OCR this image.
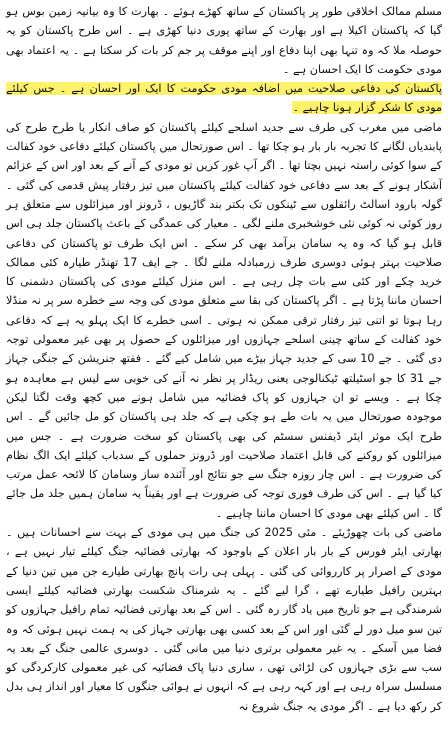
مسلم ممالک اخلاقی طور پر پاکستان کے ساتھ کھڑے ہوئے ۔ بھارت کا وہ بیانیہ زمین بوس ہو گیا کہ پاکستان اکیلا ہے اور بھارت کے ساتھ پوری دنیا کھڑی ہے ۔ اس طرح پاکستان کو یہ حوصلہ ملا کہ وہ تنہا بھی اپنا دفاع اور اپنے موقف پر جم کر بات کر سکتا ہے ۔ یہ اعتماد بھی مودی حکومت کا ایک احسان ہے ۔

پاکستان کی دفاعی صلاحیت میں اضافہ مودی حکومت کا ایک اور احسان ہے ۔ جس کیلئے مودی کا شکر گزار ہونا چاہیے ۔

ماضی میں مغرب کی طرف سے جدید اسلحے کیلئے پاکستان کو صاف انکار یا طرح طرح کی پابندیاں لگانے کا تجربہ بار بار ہو چکا تھا ۔ اس صورتحال میں پاکستان کیلئے دفاعی خود کفالت کے سوا کوئی راستہ نہیں بچتا تھا ۔ اگر آپ غور کریں تو مودی کے آنے کے بعد اور اس کے عزائم آشکار ہونے کے بعد سے دفاعی خود کفالت کیلئے پاکستان میں تیز رفتار پیش قدمی کی گئی ۔ گولہ بارود اسالٹ رائفلوں سے ٹینکوں تک بکتر بند گاڑیوں ، ڈرونز اور میزائلوں سے متعلق ہر روز کوئی نہ کوئی نئی خوشخبری ملنے لگی ۔ معیار کی عمدگی کے باعث پاکستان جلد ہی اس قابل ہو گیا کہ وہ یہ سامان برآمد بھی کر سکے ۔ اس ایک طرف تو پاکستان کی دفاعی صلاحیت بہتر ہوئی دوسری طرف زرمبادلہ ملنے لگا ۔ جے ایف 17 تھنڈر طیارہ کئی ممالک خرید چکے اور کئی سے بات چل رہی ہے ۔ اس منزل کیلئے مودی کی پاکستان دشمنی کا احسان ماننا پڑتا ہے ۔ اگر پاکستان کی بقا سے متعلق مودی کی وجہ سے خطرہ سر پر نہ منڈلا رہا ہوتا تو اتنی تیز رفتار ترقی ممکن نہ ہوتی ۔ اسی خطرے کا ایک پہلو یہ ہے کہ دفاعی خود کفالت کے ساتھ چینی اسلحے جہازوں اور میزائلوں کے حصول پر بھی غیر معمولی توجہ دی گئی ۔ جے 10 سی کے جدید جہاز بیڑے میں شامل کیے گئے ۔ ففتھ جنریشن کے جنگی جہاز جے 31 کا جو اسٹیلتھ ٹیکنالوجی یعنی ریڈار پر نظر نہ آنے کی خوبی سے لیس ہے معاہدہ ہو چکا ہے ۔ ویسے تو ان جہازوں کو پاک فضائیہ میں شامل ہونے میں کچھ وقت لگتا لیکن موجودہ صورتحال میں یہ بات طے ہو چکی ہے کہ جلد ہی پاکستان کو مل جائیں گے ۔ اس طرح ایک موثر ایئر ڈیفنس سسٹم کی بھی پاکستان کو سخت ضرورت ہے ۔ جس میں میزائلوں کو روکنے کی قابل اعتماد صلاحیت اور ڈرونز حملوں کے سدباب کیلئے ایک الگ نظام کی ضرورت ہے ۔ اس چار روزہ جنگ سے جو نتائج اور آئندہ ساز وسامان کا لائحہ عمل مرتب کیا گیا ہے ۔ اس کی طرف فوری توجہ کی ضرورت ہے اور یقیناً یہ سامان ہمیں جلد مل جائے گا ۔ اس کیلئے بھی مودی کا احسان ماننا چاہیے ۔

ماضی کی بات چھوڑیئے ۔ مئی 2025 کی جنگ میں ہی مودی کے بہت سے احسانات ہیں ۔ بھارتی ایئر فورس کے بار بار اعلان کے باوجود کہ بھارتی فضائیہ جنگ کیلئے تیار نہیں ہے ، مودی کے اصرار پر کارروائی کی گئی ۔ پہلی ہی رات پانچ بھارتی طیارے جن میں تین دنیا کے بہترین رافیل طیارے تھے ، گرا لیے گئے ۔ یہ شرمناک شکست بھارتی فضائیہ کیلئے ایسی شرمندگی ہے جو تاریخ میں یاد گار رہ گئی ۔ اس کے بعد بھارتی فضائیہ تمام رافیل جہازوں کو تین سو میل دور لے گئی اور اس کے بعد کسی بھی بھارتی جہاز کی یہ ہمت نہیں ہوئی کہ وہ فضا میں آسکے ۔ یہ غیر معمولی برتری دنیا میں مانی گئی ۔ دوسری عالمی جنگ کے بعد یہ سب سے بڑی جہازوں کی لڑائی تھی ، ساری دنیا پاک فضائیہ کی غیر معمولی کارکردگی کو مسلسل سراہ رہی ہے اور کہہ رہی ہے کہ انہوں نے ہوائی جنگوں کا معیار اور انداز ہی بدل کر رکھ دیا ہے ۔ اگر مودی یہ جنگ شروع نہ
